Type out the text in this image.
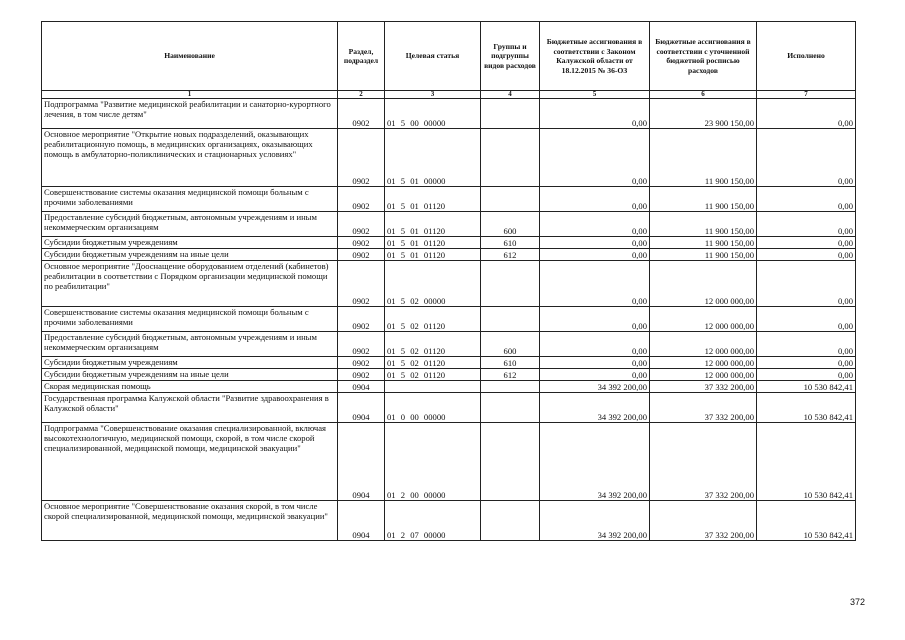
Наименование	Раздел, подраздел	Целевая статья	Группы и подгруппы видов расходов	Бюджетные ассигнования в соответствии с Законом Калужской области от 18.12.2015 № 36-ОЗ	Бюджетные ассигнования в соответствии с уточненной бюджетной росписью расходов	Исполнено
1	2	3	4	5	6	7
Подпрограмма "Развитие медицинской реабилитации и санаторно-курортного лечения, в том числе детям"	0902	01 5 00 00000		0,00	23 900 150,00	0,00
Основное мероприятие "Открытие новых подразделений, оказывающих реабилитационную помощь, в медицинских организациях, оказывающих помощь в амбулаторно-поликлинических и стационарных условиях"	0902	01 5 01 00000		0,00	11 900 150,00	0,00
Совершенствование системы оказания медицинской помощи больным с прочими заболеваниями	0902	01 5 01 01120		0,00	11 900 150,00	0,00
Предоставление субсидий бюджетным, автономным учреждениям и иным некоммерческим организациям	0902	01 5 01 01120	600	0,00	11 900 150,00	0,00
Субсидии бюджетным учреждениям	0902	01 5 01 01120	610	0,00	11 900 150,00	0,00
Субсидии бюджетным учреждениям на иные цели	0902	01 5 01 01120	612	0,00	11 900 150,00	0,00
Основное мероприятие "Дооснащение оборудованием отделений (кабинетов) реабилитации в соответствии с Порядком организации медицинской помощи по реабилитации"	0902	01 5 02 00000		0,00	12 000 000,00	0,00
Совершенствование системы оказания медицинской помощи больным с прочими заболеваниями	0902	01 5 02 01120		0,00	12 000 000,00	0,00
Предоставление субсидий бюджетным, автономным учреждениям и иным некоммерческим организациям	0902	01 5 02 01120	600	0,00	12 000 000,00	0,00
Субсидии бюджетным учреждениям	0902	01 5 02 01120	610	0,00	12 000 000,00	0,00
Субсидии бюджетным учреждениям на иные цели	0902	01 5 02 01120	612	0,00	12 000 000,00	0,00
Скорая медицинская помощь	0904			34 392 200,00	37 332 200,00	10 530 842,41
Государственная программа Калужской области "Развитие здравоохранения в Калужской области"	0904	01 0 00 00000		34 392 200,00	37 332 200,00	10 530 842,41
Подпрограмма "Совершенствование оказания специализированной, включая высокотехнологичную, медицинской помощи, скорой, в том числе скорой специализированной, медицинской помощи, медицинской эвакуации"	0904	01 2 00 00000		34 392 200,00	37 332 200,00	10 530 842,41
Основное мероприятие "Совершенствование оказания скорой, в том числе скорой специализированной, медицинской помощи, медицинской эвакуации"	0904	01 2 07 00000		34 392 200,00	37 332 200,00	10 530 842,41
372
